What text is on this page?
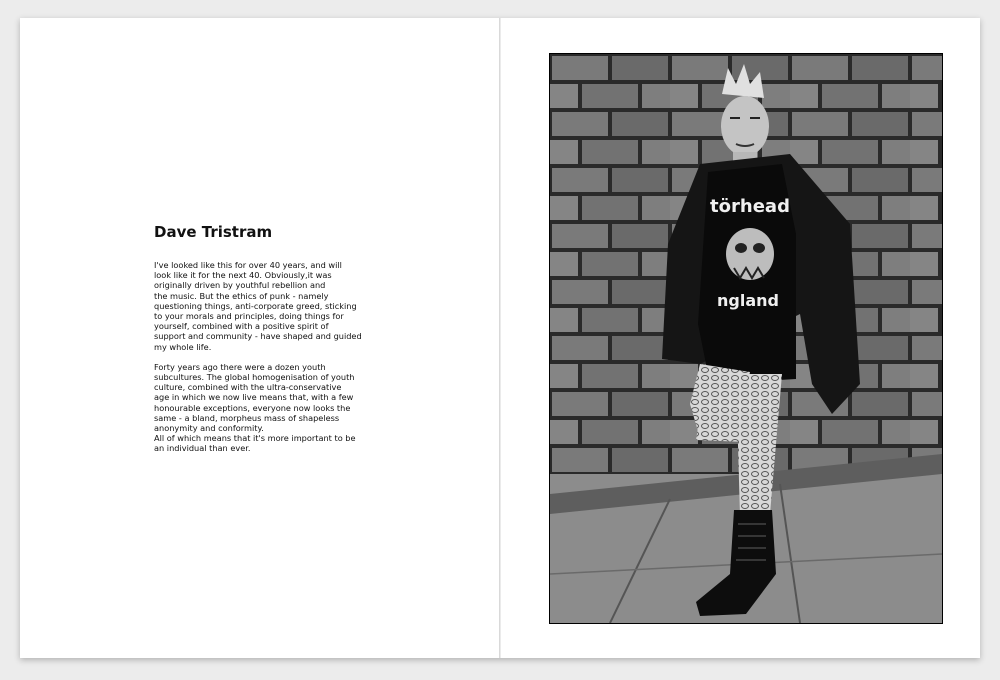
Dave Tristram

I've looked like this for over 40 years, and will
look like it for the next 40. Obviously,it was
originally driven by youthful rebellion and
the music. But the ethics of punk - namely
questioning things, anti-corporate greed, sticking
to your morals and principles, doing things for
yourself, combined with a positive spirit of
support and community - have shaped and guided
my whole life.

Forty years ago there were a dozen youth
subcultures. The global homogenisation of youth
culture, combined with the ultra-conservative
age in which we now live means that, with a few
honourable exceptions, everyone now looks the
same - a bland, morpheus mass of shapeless
anonymity and conformity.
All of which means that it's more important to be
an individual than ever.

törhead
ngland
